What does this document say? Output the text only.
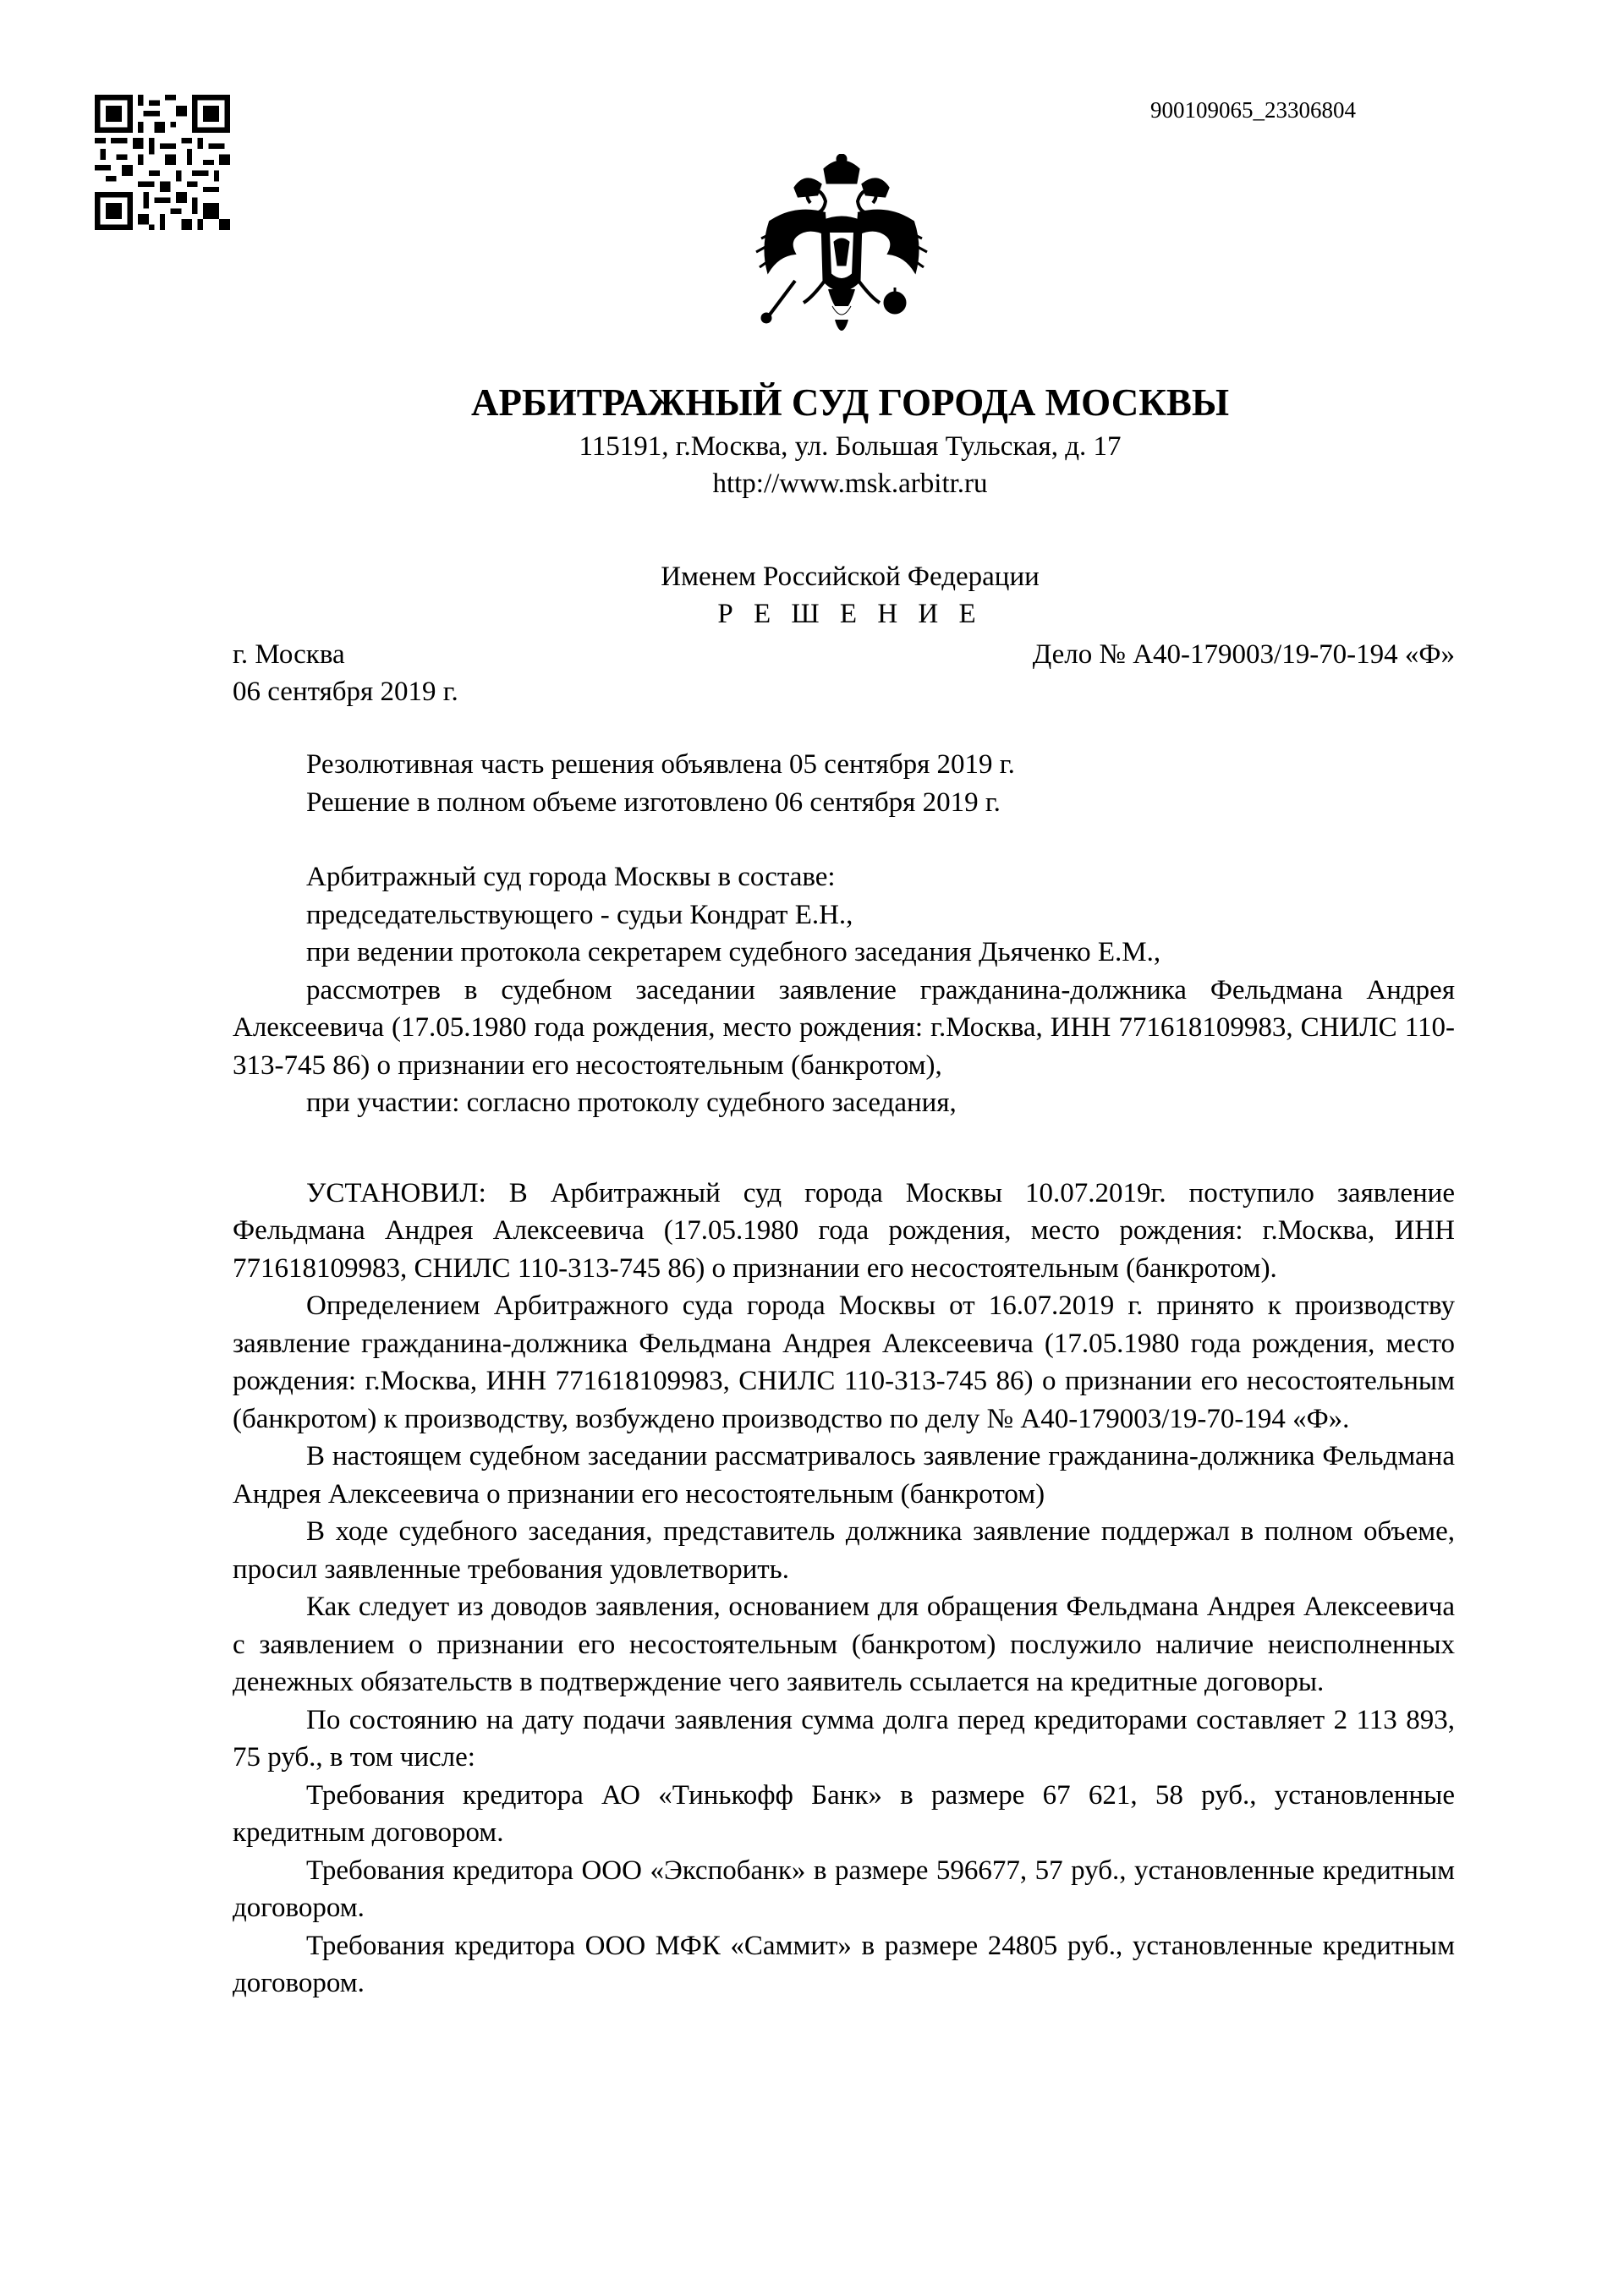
900109065_23306804
АРБИТРАЖНЫЙ СУД ГОРОДА МОСКВЫ
115191, г.Москва, ул. Большая Тульская, д. 17
http://www.msk.arbitr.ru
Именем Российской Федерации
Р Е Ш Е Н И Е
г. Москва	Дело № А40-179003/19-70-194 «Ф»
06 сентября 2019 г.

Резолютивная часть решения объявлена 05 сентября 2019 г.

Решение в полном объеме изготовлено 06 сентября 2019 г.

Арбитражный суд города Москвы в составе:

председательствующего - судьи Кондрат Е.Н.,

при ведении протокола секретарем судебного заседания Дьяченко Е.М.,

рассмотрев в судебном заседании заявление гражданина-должника Фельдмана Андрея Алексеевича (17.05.1980 года рождения, место рождения: г.Москва, ИНН 771618109983, СНИЛС 110-313-745 86) о признании его несостоятельным (банкротом),

при участии: согласно протоколу судебного заседания,

УСТАНОВИЛ: В Арбитражный суд города Москвы 10.07.2019г. поступило заявление Фельдмана Андрея Алексеевича (17.05.1980 года рождения, место рождения: г.Москва, ИНН 771618109983, СНИЛС 110-313-745 86) о признании его несостоятельным (банкротом).

Определением Арбитражного суда города Москвы от 16.07.2019 г. принято к производству заявление гражданина-должника Фельдмана Андрея Алексеевича (17.05.1980 года рождения, место рождения: г.Москва, ИНН 771618109983, СНИЛС 110-313-745 86) о признании его несостоятельным (банкротом) к производству, возбуждено производство по делу № А40-179003/19-70-194 «Ф».

В настоящем судебном заседании рассматривалось заявление гражданина-должника Фельдмана Андрея Алексеевича о признании его несостоятельным (банкротом)

В ходе судебного заседания, представитель должника заявление поддержал в полном объеме, просил заявленные требования удовлетворить.

Как следует из доводов заявления, основанием для обращения Фельдмана Андрея Алексеевича с заявлением о признании его несостоятельным (банкротом) послужило наличие неисполненных денежных обязательств в подтверждение чего заявитель ссылается на кредитные договоры.

По состоянию на дату подачи заявления сумма долга перед кредиторами составляет 2 113 893, 75 руб., в том числе:

Требования кредитора АО «Тинькофф Банк» в размере 67 621, 58 руб., установленные кредитным договором.

Требования кредитора ООО «Экспобанк» в размере 596677, 57 руб., установленные кредитным договором.

Требования кредитора ООО МФК «Саммит» в размере 24805 руб., установленные кредитным договором.
